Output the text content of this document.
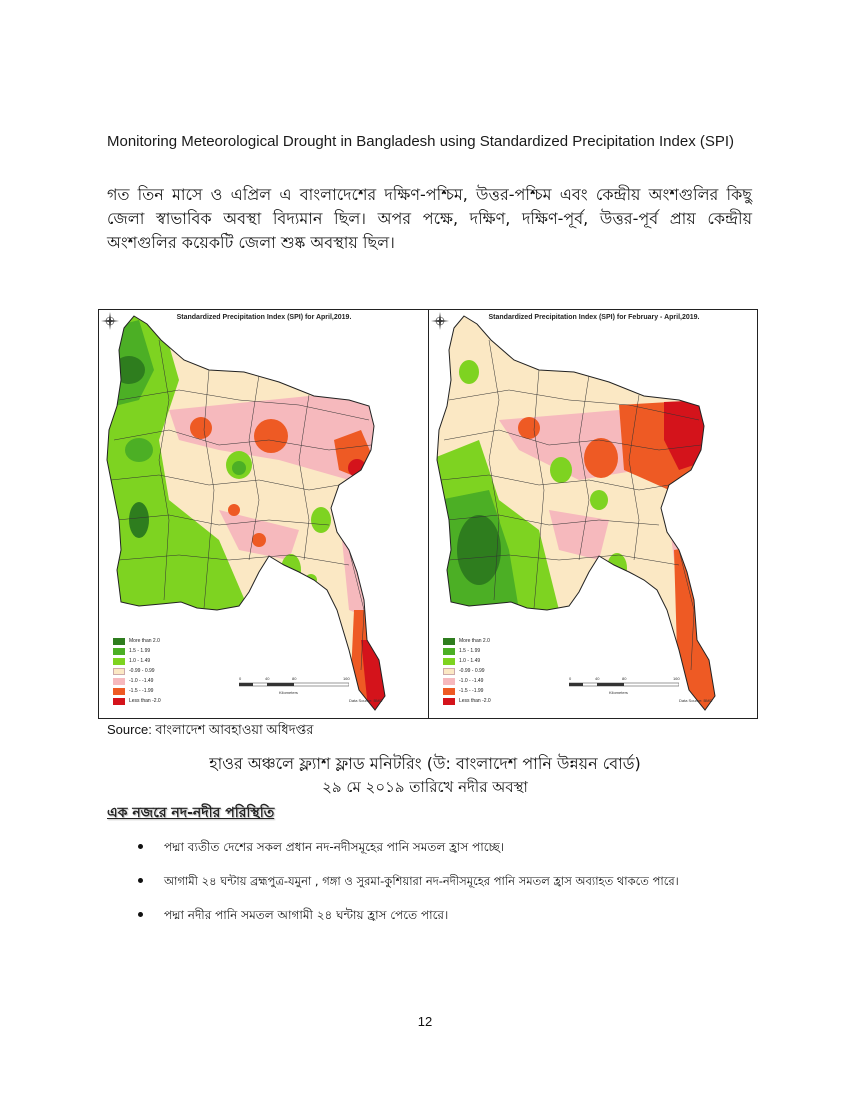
Monitoring Meteorological Drought in Bangladesh using Standardized Precipitation Index (SPI)
গত তিন মাসে ও এপ্রিল এ বাংলাদেশের দক্ষিণ-পশ্চিম, উত্তর-পশ্চিম এবং কেন্দ্রীয় অংশগুলির কিছু জেলা স্বাভাবিক অবস্থা বিদ্যমান ছিল। অপর পক্ষে, দক্ষিণ, দক্ষিণ-পূর্ব, উত্তর-পূর্ব প্রায় কেন্দ্রীয় অংশগুলির কয়েকটি জেলা শুষ্ক অবস্থায় ছিল।
Standardized Precipitation Index (SPI) for April,2019.
More than 2.0
1.5 - 1.99
1.0 - 1.49
-0.99 - 0.99
-1.0 - -1.49
-1.5 - -1.99
Less than -2.0
0	40	80	160
Kilometers
Data Source: BMD
Standardized Precipitation Index (SPI) for February - April,2019.
More than 2.0
1.5 - 1.99
1.0 - 1.49
-0.99 - 0.99
-1.0 - -1.49
-1.5 - -1.99
Less than -2.0
0	40	80	160
Kilometers
Data Source: BMD
Source: বাংলাদেশ আবহাওয়া অধিদপ্তর
হাওর অঞ্চলে ফ্ল্যাশ ফ্লাড মনিটরিং (উ: বাংলাদেশ পানি উন্নয়ন বোর্ড)
২৯ মে ২০১৯ তারিখে নদীর অবস্থা
এক নজরে নদ-নদীর পরিস্থিতি
পদ্মা ব্যতীত দেশের সকল প্রধান নদ-নদীসমূহের পানি সমতল হ্রাস পাচ্ছে।
আগামী ২৪ ঘন্টায় ব্রহ্মপুত্র-যমুনা , গঙ্গা ও সুরমা-কুশিয়ারা নদ-নদীসমূহের পানি সমতল হ্রাস অব্যাহত থাকতে পারে।
পদ্মা নদীর পানি সমতল আগামী ২৪ ঘন্টায় হ্রাস পেতে পারে।
12
